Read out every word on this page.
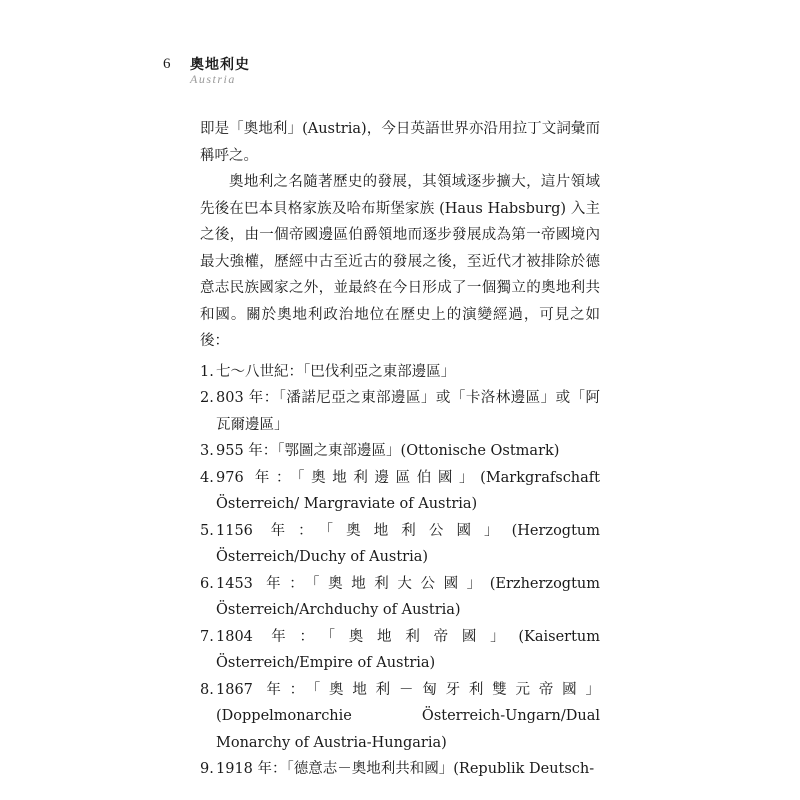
6 奧地利史
Austria

即是「奧地利」(Austria)，今日英語世界亦沿用拉丁文詞彙而稱呼之。

奧地利之名隨著歷史的發展，其領域逐步擴大，這片領域先後在巴本貝格家族及哈布斯堡家族 (Haus Habsburg) 入主之後，由一個帝國邊區伯爵領地而逐步發展成為第一帝國境內最大強權，歷經中古至近古的發展之後，至近代才被排除於德意志民族國家之外，並最終在今日形成了一個獨立的奧地利共和國。關於奧地利政治地位在歷史上的演變經過，可見之如後：

1. 七～八世紀：「巴伐利亞之東部邊區」
2. 803 年：「潘諾尼亞之東部邊區」或「卡洛林邊區」或「阿瓦爾邊區」
3. 955 年：「鄂圖之東部邊區」(Ottonische Ostmark)
4. 976 年：「奧地利邊區伯國」(Markgrafschaft Österreich/ Margraviate of Austria)
5. 1156 年：「奧地利公國」(Herzogtum Österreich/Duchy of Austria)
6. 1453 年：「奧地利大公國」(Erzherzogtum Österreich/Archduchy of Austria)
7. 1804 年：「奧地利帝國」(Kaisertum Österreich/Empire of Austria)
8. 1867 年：「奧地利－匈牙利雙元帝國」(Doppelmonarchie Österreich-Ungarn/Dual Monarchy of Austria-Hungaria)
9. 1918 年：「德意志－奧地利共和國」(Republik Deutsch-
